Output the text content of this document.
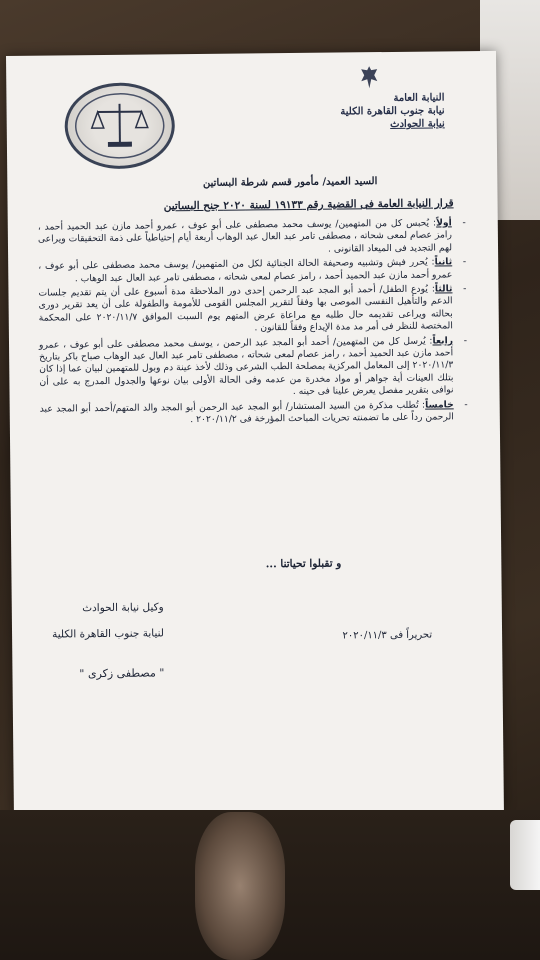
النيابة العامة
نيابة جنوب القاهرة الكلية
نيابة الحوادث
السيد العميد/ مأمور قسم شرطة البساتين
قرار النيابة العامة فى القضية رقم ١٩١٣٣ لسنة ٢٠٢٠ جنح البساتين

-
أولاً: يُحبس كل من المتهمين/ يوسف محمد مصطفى على أبو عوف ، عمرو أحمد مازن عبد الحميد أحمد ، رامز عصام لمعى شحاته ، مصطفى تامر عبد العال عبد الوهاب أربعة أيام إحتياطياً على ذمة التحقيقات ويراعى لهم التجديد فى الميعاد القانونى .

-
ثانياً: يُحرر فيش وتشبيه وصحيفة الحالة الجنائية لكل من المتهمين/ يوسف محمد مصطفى على أبو عوف ، عمرو أحمد مازن عبد الحميد أحمد ، رامز عصام لمعى شحاته ، مصطفى تامر عبد العال عبد الوهاب .

-
ثالثاً: يُودع الطفل/ أحمد أبو المجد عبد الرحمن إحدى دور الملاحظة مدة أسبوع على أن يتم تقديم جلسات الدعم والتأهيل النفسى الموصى بها وفقاً لتقرير المجلس القومى للأمومة والطفولة على أن يعد تقرير دورى بحالته ويراعى تقديمه حال طلبه مع مراعاة عرض المتهم يوم السبت الموافق ٢٠٢٠/١١/٧ على المحكمة المختصة للنظر فى أمر مد مدة الإيداع وفقاً للقانون .

-
رابعاً: يُرسل كل من المتهمين/ أحمد أبو المجد عبد الرحمن ، يوسف محمد مصطفى على أبو عوف ، عمرو أحمد مازن عبد الحميد أحمد ، رامز عصام لمعى شحاته ، مصطفى تامر عبد العال عبد الوهاب صباح باكر بتاريخ ٢٠٢٠/١١/٣ إلى المعامل المركزية بمصلحة الطب الشرعى وذلك لأخذ عينة دم وبول للمتهمين لبيان عما إذا كان بتلك العينات أية جواهر أو مواد مخدرة من عدمه وفى الحالة الأولى بيان نوعها والجدول المدرج به على أن نوافى بتقرير مفصل يعرض علينا فى حينه .

-
خامساً: تُطلب مذكرة من السيد المستشار/ أبو المجد عبد الرحمن أبو المجد والد المتهم/أحمد أبو المجد عبد الرحمن رداً على ما تضمنته تحريات المباحث المؤرخة فى ٢٠٢٠/١١/٢ .

و تقبلوا تحياتنا ...
وكيل نيابة الحوادث
لنيابة جنوب القاهرة الكلية
" مصطفى زكرى "
تحريراً فى ٢٠٢٠/١١/٣
